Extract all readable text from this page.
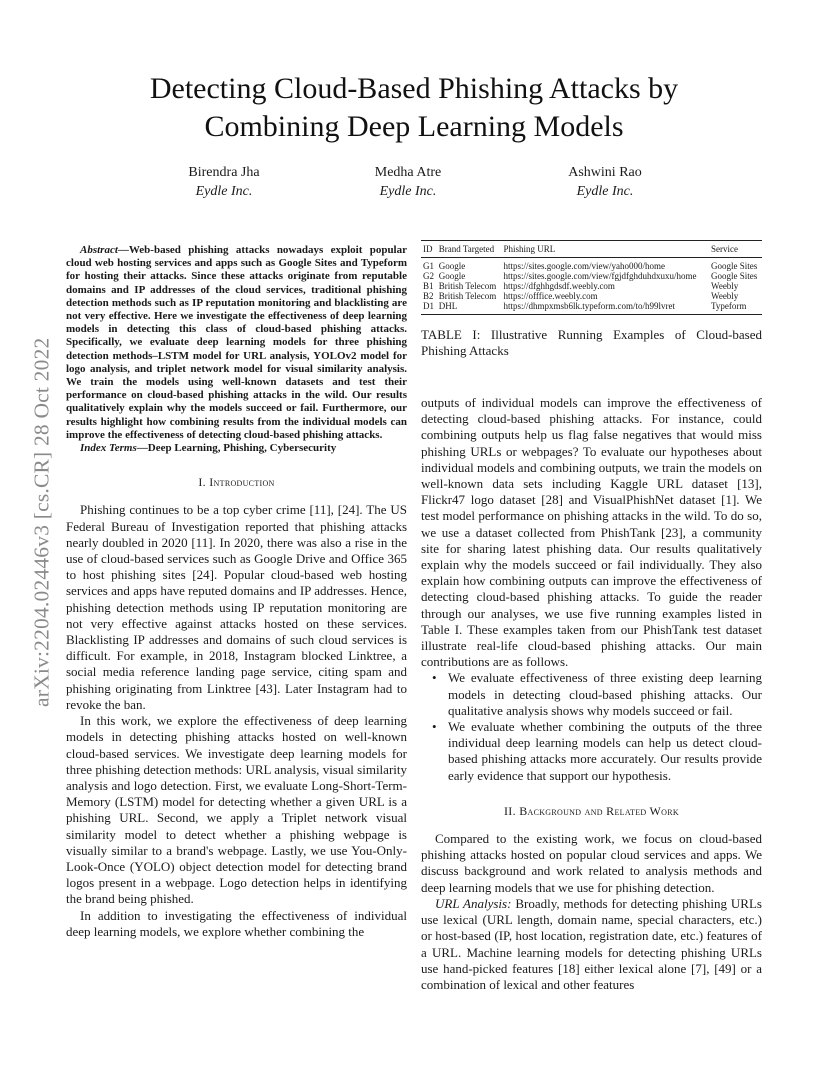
arXiv:2204.02446v3 [cs.CR] 28 Oct 2022
Detecting Cloud-Based Phishing Attacks by
Combining Deep Learning Models
Birendra Jha
Eydle Inc.
Medha Atre
Eydle Inc.
Ashwini Rao
Eydle Inc.

Abstract—Web-based phishing attacks nowadays exploit popular cloud web hosting services and apps such as Google Sites and Typeform for hosting their attacks. Since these attacks originate from reputable domains and IP addresses of the cloud services, traditional phishing detection methods such as IP reputation monitoring and blacklisting are not very effective. Here we investigate the effectiveness of deep learning models in detecting this class of cloud-based phishing attacks. Specifically, we evaluate deep learning models for three phishing detection methods–LSTM model for URL analysis, YOLOv2 model for logo analysis, and triplet network model for visual similarity analysis. We train the models using well-known datasets and test their performance on cloud-based phishing attacks in the wild. Our results qualitatively explain why the models succeed or fail. Furthermore, our results highlight how combining results from the individual models can improve the effectiveness of detecting cloud-based phishing attacks.

Index Terms—Deep Learning, Phishing, Cybersecurity

I. Introduction

Phishing continues to be a top cyber crime [11], [24]. The US Federal Bureau of Investigation reported that phishing attacks nearly doubled in 2020 [11]. In 2020, there was also a rise in the use of cloud-based services such as Google Drive and Office 365 to host phishing sites [24]. Popular cloud-based web hosting services and apps have reputed domains and IP addresses. Hence, phishing detection methods using IP reputation monitoring are not very effective against attacks hosted on these services. Blacklisting IP addresses and domains of such cloud services is difficult. For example, in 2018, Instagram blocked Linktree, a social media reference landing page service, citing spam and phishing originating from Linktree [43]. Later Instagram had to revoke the ban.

In this work, we explore the effectiveness of deep learning models in detecting phishing attacks hosted on well-known cloud-based services. We investigate deep learning models for three phishing detection methods: URL analysis, visual similarity analysis and logo detection. First, we evaluate Long-Short-Term-Memory (LSTM) model for detecting whether a given URL is a phishing URL. Second, we apply a Triplet network visual similarity model to detect whether a phishing webpage is visually similar to a brand's webpage. Lastly, we use You-Only-Look-Once (YOLO) object detection model for detecting brand logos present in a webpage. Logo detection helps in identifying the brand being phished.

In addition to investigating the effectiveness of individual deep learning models, we explore whether combining the

ID	Brand Targeted	Phishing URL	Service
G1	Google	https://sites.google.com/view/yaho000/home	Google Sites
G2	Google	https://sites.google.com/view/fgjdfghduhdxuxu/home	Google Sites
B1	British Telecom	https://dfghhgdsdf.weebly.com	Weebly
B2	British Telecom	https://offfice.weebly.com	Weebly
D1	DHL	https://dhmpxmsb6lk.typeform.com/to/h99lvret	Typeform
TABLE I: Illustrative Running Examples of Cloud-based Phishing Attacks

outputs of individual models can improve the effectiveness of detecting cloud-based phishing attacks. For instance, could combining outputs help us flag false negatives that would miss phishing URLs or webpages? To evaluate our hypotheses about individual models and combining outputs, we train the models on well-known data sets including Kaggle URL dataset [13], Flickr47 logo dataset [28] and VisualPhishNet dataset [1]. We test model performance on phishing attacks in the wild. To do so, we use a dataset collected from PhishTank [23], a community site for sharing latest phishing data. Our results qualitatively explain why the models succeed or fail individually. They also explain how combining outputs can improve the effectiveness of detecting cloud-based phishing attacks. To guide the reader through our analyses, we use five running examples listed in Table I. These examples taken from our PhishTank test dataset illustrate real-life cloud-based phishing attacks. Our main contributions are as follows.

• We evaluate effectiveness of three existing deep learning models in detecting cloud-based phishing attacks. Our qualitative analysis shows why models succeed or fail.
• We evaluate whether combining the outputs of the three individual deep learning models can help us detect cloud-based phishing attacks more accurately. Our results provide early evidence that support our hypothesis.
II. Background and Related Work

Compared to the existing work, we focus on cloud-based phishing attacks hosted on popular cloud services and apps. We discuss background and work related to analysis methods and deep learning models that we use for phishing detection.

URL Analysis: Broadly, methods for detecting phishing URLs use lexical (URL length, domain name, special characters, etc.) or host-based (IP, host location, registration date, etc.) features of a URL. Machine learning models for detecting phishing URLs use hand-picked features [18] either lexical alone [7], [49] or a combination of lexical and other features
